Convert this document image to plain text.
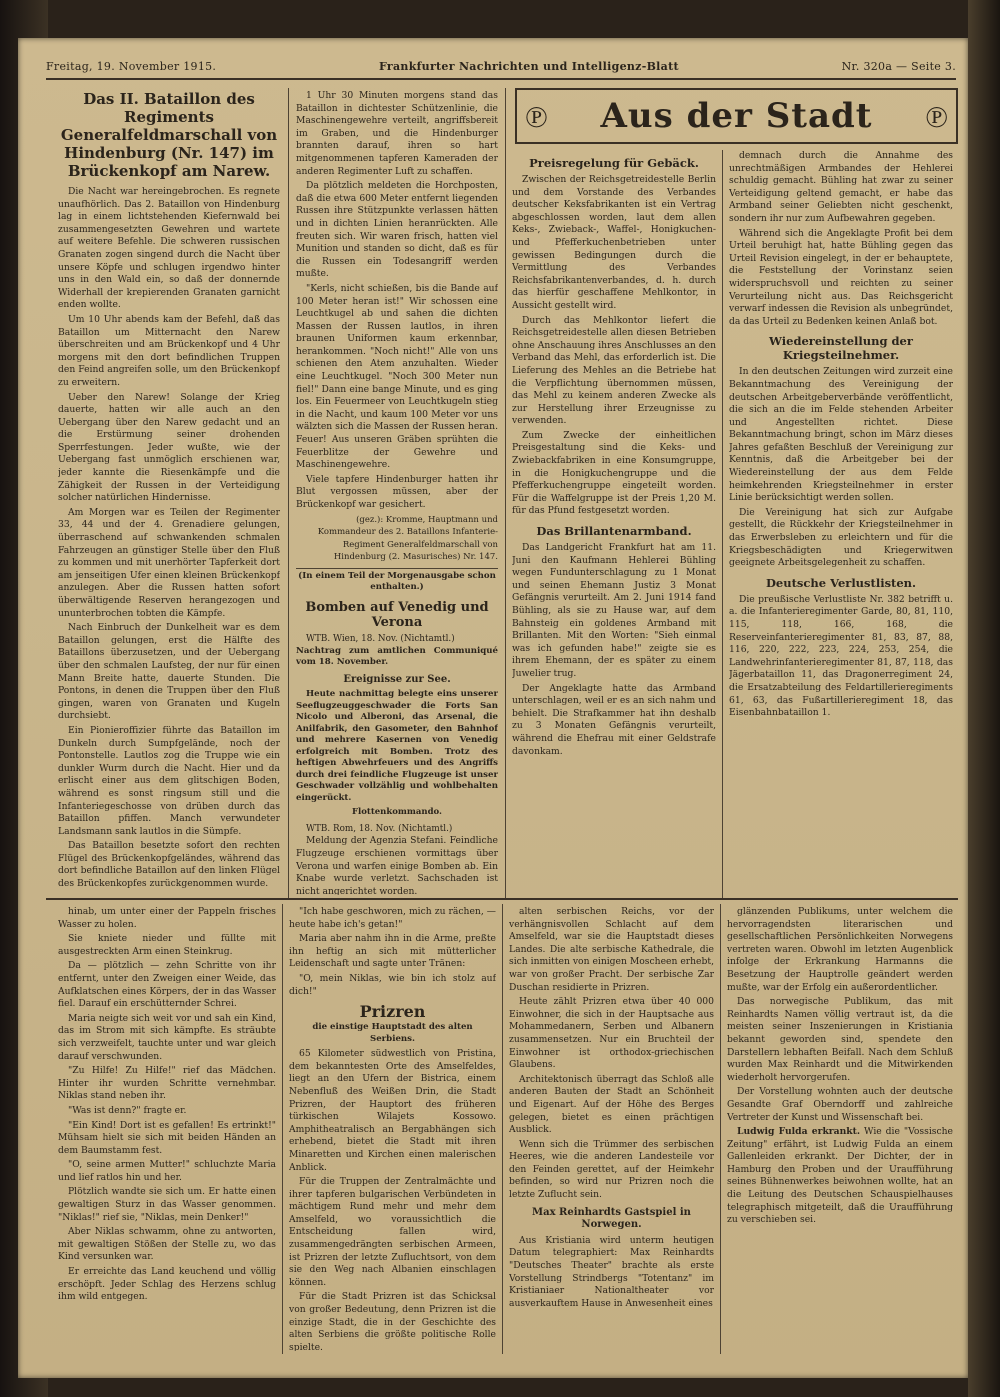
Freitag, 19. November 1915.	Frankfurter Nachrichten und Intelligenz-Blatt	Nr. 320a — Seite 3.
℗ Aus der Stadt ℗
Das II. Bataillon des Regiments Generalfeldmarschall von Hindenburg (Nr. 147) im Brückenkopf am Narew.

Die Nacht war hereingebrochen. Es regnete unaufhörlich. Das 2. Bataillon von Hindenburg lag in einem lichtstehenden Kiefernwald bei zusammengesetzten Gewehren und wartete auf weitere Befehle. Die schweren russischen Granaten zogen singend durch die Nacht über unsere Köpfe und schlugen irgendwo hinter uns in den Wald ein, so daß der donnernde Widerhall der krepierenden Granaten garnicht enden wollte.

Um 10 Uhr abends kam der Befehl, daß das Bataillon um Mitternacht den Narew überschreiten und am Brückenkopf und 4 Uhr morgens mit den dort befindlichen Truppen den Feind angreifen solle, um den Brückenkopf zu erweitern.

Ueber den Narew! Solange der Krieg dauerte, hatten wir alle auch an den Uebergang über den Narew gedacht und an die Erstürmung seiner drohenden Sperrfestungen. Jeder wußte, wie der Uebergang fast unmöglich erschienen war, jeder kannte die Riesenkämpfe und die Zähigkeit der Russen in der Verteidigung solcher natürlichen Hindernisse.

Am Morgen war es Teilen der Regimenter 33, 44 und der 4. Grenadiere gelungen, überraschend auf schwankenden schmalen Fahrzeugen an günstiger Stelle über den Fluß zu kommen und mit unerhörter Tapferkeit dort am jenseitigen Ufer einen kleinen Brückenkopf anzulegen. Aber die Russen hatten sofort überwältigende Reserven herangezogen und ununterbrochen tobten die Kämpfe.

Nach Einbruch der Dunkelheit war es dem Bataillon gelungen, erst die Hälfte des Bataillons überzusetzen, und der Uebergang über den schmalen Laufsteg, der nur für einen Mann Breite hatte, dauerte Stunden. Die Pontons, in denen die Truppen über den Fluß gingen, waren von Granaten und Kugeln durchsiebt.

Ein Pionieroffizier führte das Bataillon im Dunkeln durch Sumpfgelände, noch der Pontonstelle. Lautlos zog die Truppe wie ein dunkler Wurm durch die Nacht. Hier und da erlischt einer aus dem glitschigen Boden, während es sonst ringsum still und die Infanteriegeschosse von drüben durch das Bataillon pfiffen. Manch verwundeter Landsmann sank lautlos in die Sümpfe.

Das Bataillon besetzte sofort den rechten Flügel des Brückenkopfgeländes, während das dort befindliche Bataillon auf den linken Flügel des Brückenkopfes zurückgenommen wurde.

1 Uhr 30 Minuten morgens stand das Bataillon in dichtester Schützenlinie, die Maschinengewehre verteilt, angriffsbereit im Graben, und die Hindenburger brannten darauf, ihren so hart mitgenommenen tapferen Kameraden der anderen Regimenter Luft zu schaffen.

Da plötzlich meldeten die Horchposten, daß die etwa 600 Meter entfernt liegenden Russen ihre Stützpunkte verlassen hätten und in dichten Linien heranrückten. Alle freuten sich. Wir waren frisch, hatten viel Munition und standen so dicht, daß es für die Russen ein Todesangriff werden mußte.

"Kerls, nicht schießen, bis die Bande auf 100 Meter heran ist!" Wir schossen eine Leuchtkugel ab und sahen die dichten Massen der Russen lautlos, in ihren braunen Uniformen kaum erkennbar, herankommen. "Noch nicht!" Alle von uns schienen den Atem anzuhalten. Wieder eine Leuchtkugel. "Noch 300 Meter nun fiel!" Dann eine bange Minute, und es ging los. Ein Feuermeer von Leuchtkugeln stieg in die Nacht, und kaum 100 Meter vor uns wälzten sich die Massen der Russen heran. Feuer! Aus unseren Gräben sprühten die Feuerblitze der Gewehre und Maschinengewehre.

Viele tapfere Hindenburger hatten ihr Blut vergossen müssen, aber der Brückenkopf war gesichert.

(gez.): Kromme, Hauptmann und Kommandeur des 2. Bataillons Infanterie-Regiment Generalfeldmarschall von Hindenburg (2. Masurisches) Nr. 147.
(In einem Teil der Morgenausgabe schon enthalten.)
Bomben auf Venedig und Verona
WTB. Wien, 18. Nov. (Nichtamtl.)
Nachtrag zum amtlichen Communiqué vom 18. November.
Ereignisse zur See.

Heute nachmittag belegte eins unserer Seeflugzeuggeschwader die Forts San Nicolo und Alberoni, das Arsenal, die Anilfabrik, den Gasometer, den Bahnhof und mehrere Kasernen von Venedig erfolgreich mit Bomben. Trotz des heftigen Abwehrfeuers und des Angriffs durch drei feindliche Flugzeuge ist unser Geschwader vollzählig und wohlbehalten eingerückt.

Flottenkommando.
WTB. Rom, 18. Nov. (Nichtamtl.)

Meldung der Agenzia Stefani. Feindliche Flugzeuge erschienen vormittags über Verona und warfen einige Bomben ab. Ein Knabe wurde verletzt. Sachschaden ist nicht angerichtet worden.

Preisregelung für Gebäck.

Zwischen der Reichsgetreidestelle Berlin und dem Vorstande des Verbandes deutscher Keksfabrikanten ist ein Vertrag abgeschlossen worden, laut dem allen Keks-, Zwieback-, Waffel-, Honigkuchen- und Pfefferkuchenbetrieben unter gewissen Bedingungen durch die Vermittlung des Verbandes Reichsfabrikantenverbandes, d. h. durch das hierfür geschaffene Mehlkontor, in Aussicht gestellt wird.

Durch das Mehlkontor liefert die Reichsgetreidestelle allen diesen Betrieben ohne Anschauung ihres Anschlusses an den Verband das Mehl, das erforderlich ist. Die Lieferung des Mehles an die Betriebe hat die Verpflichtung übernommen müssen, das Mehl zu keinem anderen Zwecke als zur Herstellung ihrer Erzeugnisse zu verwenden.

Zum Zwecke der einheitlichen Preisgestaltung sind die Keks- und Zwiebackfabriken in eine Konsumgruppe, in die Honigkuchengruppe und die Pfefferkuchengruppe eingeteilt worden. Für die Waffelgruppe ist der Preis 1,20 M. für das Pfund festgesetzt worden.

Das Brillantenarmband.

Das Landgericht Frankfurt hat am 11. Juni den Kaufmann Hehlerei Bühling wegen Fundunterschlagung zu 1 Monat und seinen Ehemann Justiz 3 Monat Gefängnis verurteilt. Am 2. Juni 1914 fand Bühling, als sie zu Hause war, auf dem Bahnsteig ein goldenes Armband mit Brillanten. Mit den Worten: "Sieh einmal was ich gefunden habe!" zeigte sie es ihrem Ehemann, der es später zu einem Juwelier trug.

Der Angeklagte hatte das Armband unterschlagen, weil er es an sich nahm und behielt. Die Strafkammer hat ihn deshalb zu 3 Monaten Gefängnis verurteilt, während die Ehefrau mit einer Geldstrafe davonkam.

demnach durch die Annahme des unrechtmäßigen Armbandes der Hehlerei schuldig gemacht. Bühling hat zwar zu seiner Verteidigung geltend gemacht, er habe das Armband seiner Geliebten nicht geschenkt, sondern ihr nur zum Aufbewahren gegeben.

Während sich die Angeklagte Profit bei dem Urteil beruhigt hat, hatte Bühling gegen das Urteil Revision eingelegt, in der er behauptete, die Feststellung der Vorinstanz seien widerspruchsvoll und reichten zu seiner Verurteilung nicht aus. Das Reichsgericht verwarf indessen die Revision als unbegründet, da das Urteil zu Bedenken keinen Anlaß bot.

Wiedereinstellung der Kriegsteilnehmer.

In den deutschen Zeitungen wird zurzeit eine Bekanntmachung des Vereinigung der deutschen Arbeitgeberverbände veröffentlicht, die sich an die im Felde stehenden Arbeiter und Angestellten richtet. Diese Bekanntmachung bringt, schon im März dieses Jahres gefaßten Beschluß der Vereinigung zur Kenntnis, daß die Arbeitgeber bei der Wiedereinstellung der aus dem Felde heimkehrenden Kriegsteilnehmer in erster Linie berücksichtigt werden sollen.

Die Vereinigung hat sich zur Aufgabe gestellt, die Rückkehr der Kriegsteilnehmer in das Erwerbsleben zu erleichtern und für die Kriegsbeschädigten und Kriegerwitwen geeignete Arbeitsgelegenheit zu schaffen.

Deutsche Verlustlisten.

Die preußische Verlustliste Nr. 382 betrifft u. a. die Infanterieregimenter Garde, 80, 81, 110, 115, 118, 166, 168, die Reserveinfanterieregimenter 81, 83, 87, 88, 116, 220, 222, 223, 224, 253, 254, die Landwehrinfanterieregimenter 81, 87, 118, das Jägerbataillon 11, das Dragonerregiment 24, die Ersatzabteilung des Feldartillerieregiments 61, 63, das Fußartillerieregiment 18, das Eisenbahnbataillon 1.

hinab, um unter einer der Pappeln frisches Wasser zu holen.

Sie kniete nieder und füllte mit ausgestreckten Arm einen Steinkrug.

Da — plötzlich — zehn Schritte von ihr entfernt, unter den Zweigen einer Weide, das Aufklatschen eines Körpers, der in das Wasser fiel. Darauf ein erschütternder Schrei.

Maria neigte sich weit vor und sah ein Kind, das im Strom mit sich kämpfte. Es sträubte sich verzweifelt, tauchte unter und war gleich darauf verschwunden.

"Zu Hilfe! Zu Hilfe!" rief das Mädchen. Hinter ihr wurden Schritte vernehmbar. Niklas stand neben ihr.

"Was ist denn?" fragte er.

"Ein Kind! Dort ist es gefallen! Es ertrinkt!" Mühsam hielt sie sich mit beiden Händen an dem Baumstamm fest.

"O, seine armen Mutter!" schluchzte Maria und lief ratlos hin und her.

Plötzlich wandte sie sich um. Er hatte einen gewaltigen Sturz in das Wasser genommen. "Niklas!" rief sie, "Niklas, mein Denker!"

Aber Niklas schwamm, ohne zu antworten, mit gewaltigen Stößen der Stelle zu, wo das Kind versunken war.

Er erreichte das Land keuchend und völlig erschöpft. Jeder Schlag des Herzens schlug ihm wild entgegen.

"Ich habe geschworen, mich zu rächen, — heute habe ich's getan!"

Maria aber nahm ihn in die Arme, preßte ihn heftig an sich mit mütterlicher Leidenschaft und sagte unter Tränen:

"O, mein Niklas, wie bin ich stolz auf dich!"

Prizren
die einstige Hauptstadt des alten Serbiens.

65 Kilometer südwestlich von Pristina, dem bekanntesten Orte des Amselfeldes, liegt an den Ufern der Bistrica, einem Nebenfluß des Weißen Drin, die Stadt Prizren, der Hauptort des früheren türkischen Wilajets Kossowo. Amphitheatralisch an Bergabhängen sich erhebend, bietet die Stadt mit ihren Minaretten und Kirchen einen malerischen Anblick.

Für die Truppen der Zentralmächte und ihrer tapferen bulgarischen Verbündeten in mächtigem Rund mehr und mehr dem Amselfeld, wo voraussichtlich die Entscheidung fallen wird, zusammengedrängten serbischen Armeen, ist Prizren der letzte Zufluchtsort, von dem sie den Weg nach Albanien einschlagen können.

Für die Stadt Prizren ist das Schicksal von großer Bedeutung, denn Prizren ist die einzige Stadt, die in der Geschichte des alten Serbiens die größte politische Rolle spielte.

alten serbischen Reichs, vor der verhängnisvollen Schlacht auf dem Amselfeld, war sie die Hauptstadt dieses Landes. Die alte serbische Kathedrale, die sich inmitten von einigen Moscheen erhebt, war von großer Pracht. Der serbische Zar Duschan residierte in Prizren.

Heute zählt Prizren etwa über 40 000 Einwohner, die sich in der Hauptsache aus Mohammedanern, Serben und Albanern zusammensetzen. Nur ein Bruchteil der Einwohner ist orthodox-griechischen Glaubens.

Architektonisch überragt das Schloß alle anderen Bauten der Stadt an Schönheit und Eigenart. Auf der Höhe des Berges gelegen, bietet es einen prächtigen Ausblick.

Wenn sich die Trümmer des serbischen Heeres, wie die anderen Landesteile vor den Feinden gerettet, auf der Heimkehr befinden, so wird nur Prizren noch die letzte Zuflucht sein.

Max Reinhardts Gastspiel in Norwegen.

Aus Kristiania wird unterm heutigen Datum telegraphiert: Max Reinhardts "Deutsches Theater" brachte als erste Vorstellung Strindbergs "Totentanz" im Kristianiaer Nationaltheater vor ausverkauftem Hause in Anwesenheit eines

glänzenden Publikums, unter welchem die hervorragendsten literarischen und gesellschaftlichen Persönlichkeiten Norwegens vertreten waren. Obwohl im letzten Augenblick infolge der Erkrankung Harmanns die Besetzung der Hauptrolle geändert werden mußte, war der Erfolg ein außerordentlicher.

Das norwegische Publikum, das mit Reinhardts Namen völlig vertraut ist, da die meisten seiner Inszenierungen in Kristiania bekannt geworden sind, spendete den Darstellern lebhaften Beifall. Nach dem Schluß wurden Max Reinhardt und die Mitwirkenden wiederholt hervorgerufen.

Der Vorstellung wohnten auch der deutsche Gesandte Graf Oberndorff und zahlreiche Vertreter der Kunst und Wissenschaft bei.

Ludwig Fulda erkrankt. Wie die "Vossische Zeitung" erfährt, ist Ludwig Fulda an einem Gallenleiden erkrankt. Der Dichter, der in Hamburg den Proben und der Uraufführung seines Bühnenwerkes beiwohnen wollte, hat an die Leitung des Deutschen Schauspielhauses telegraphisch mitgeteilt, daß die Uraufführung zu verschieben sei.
